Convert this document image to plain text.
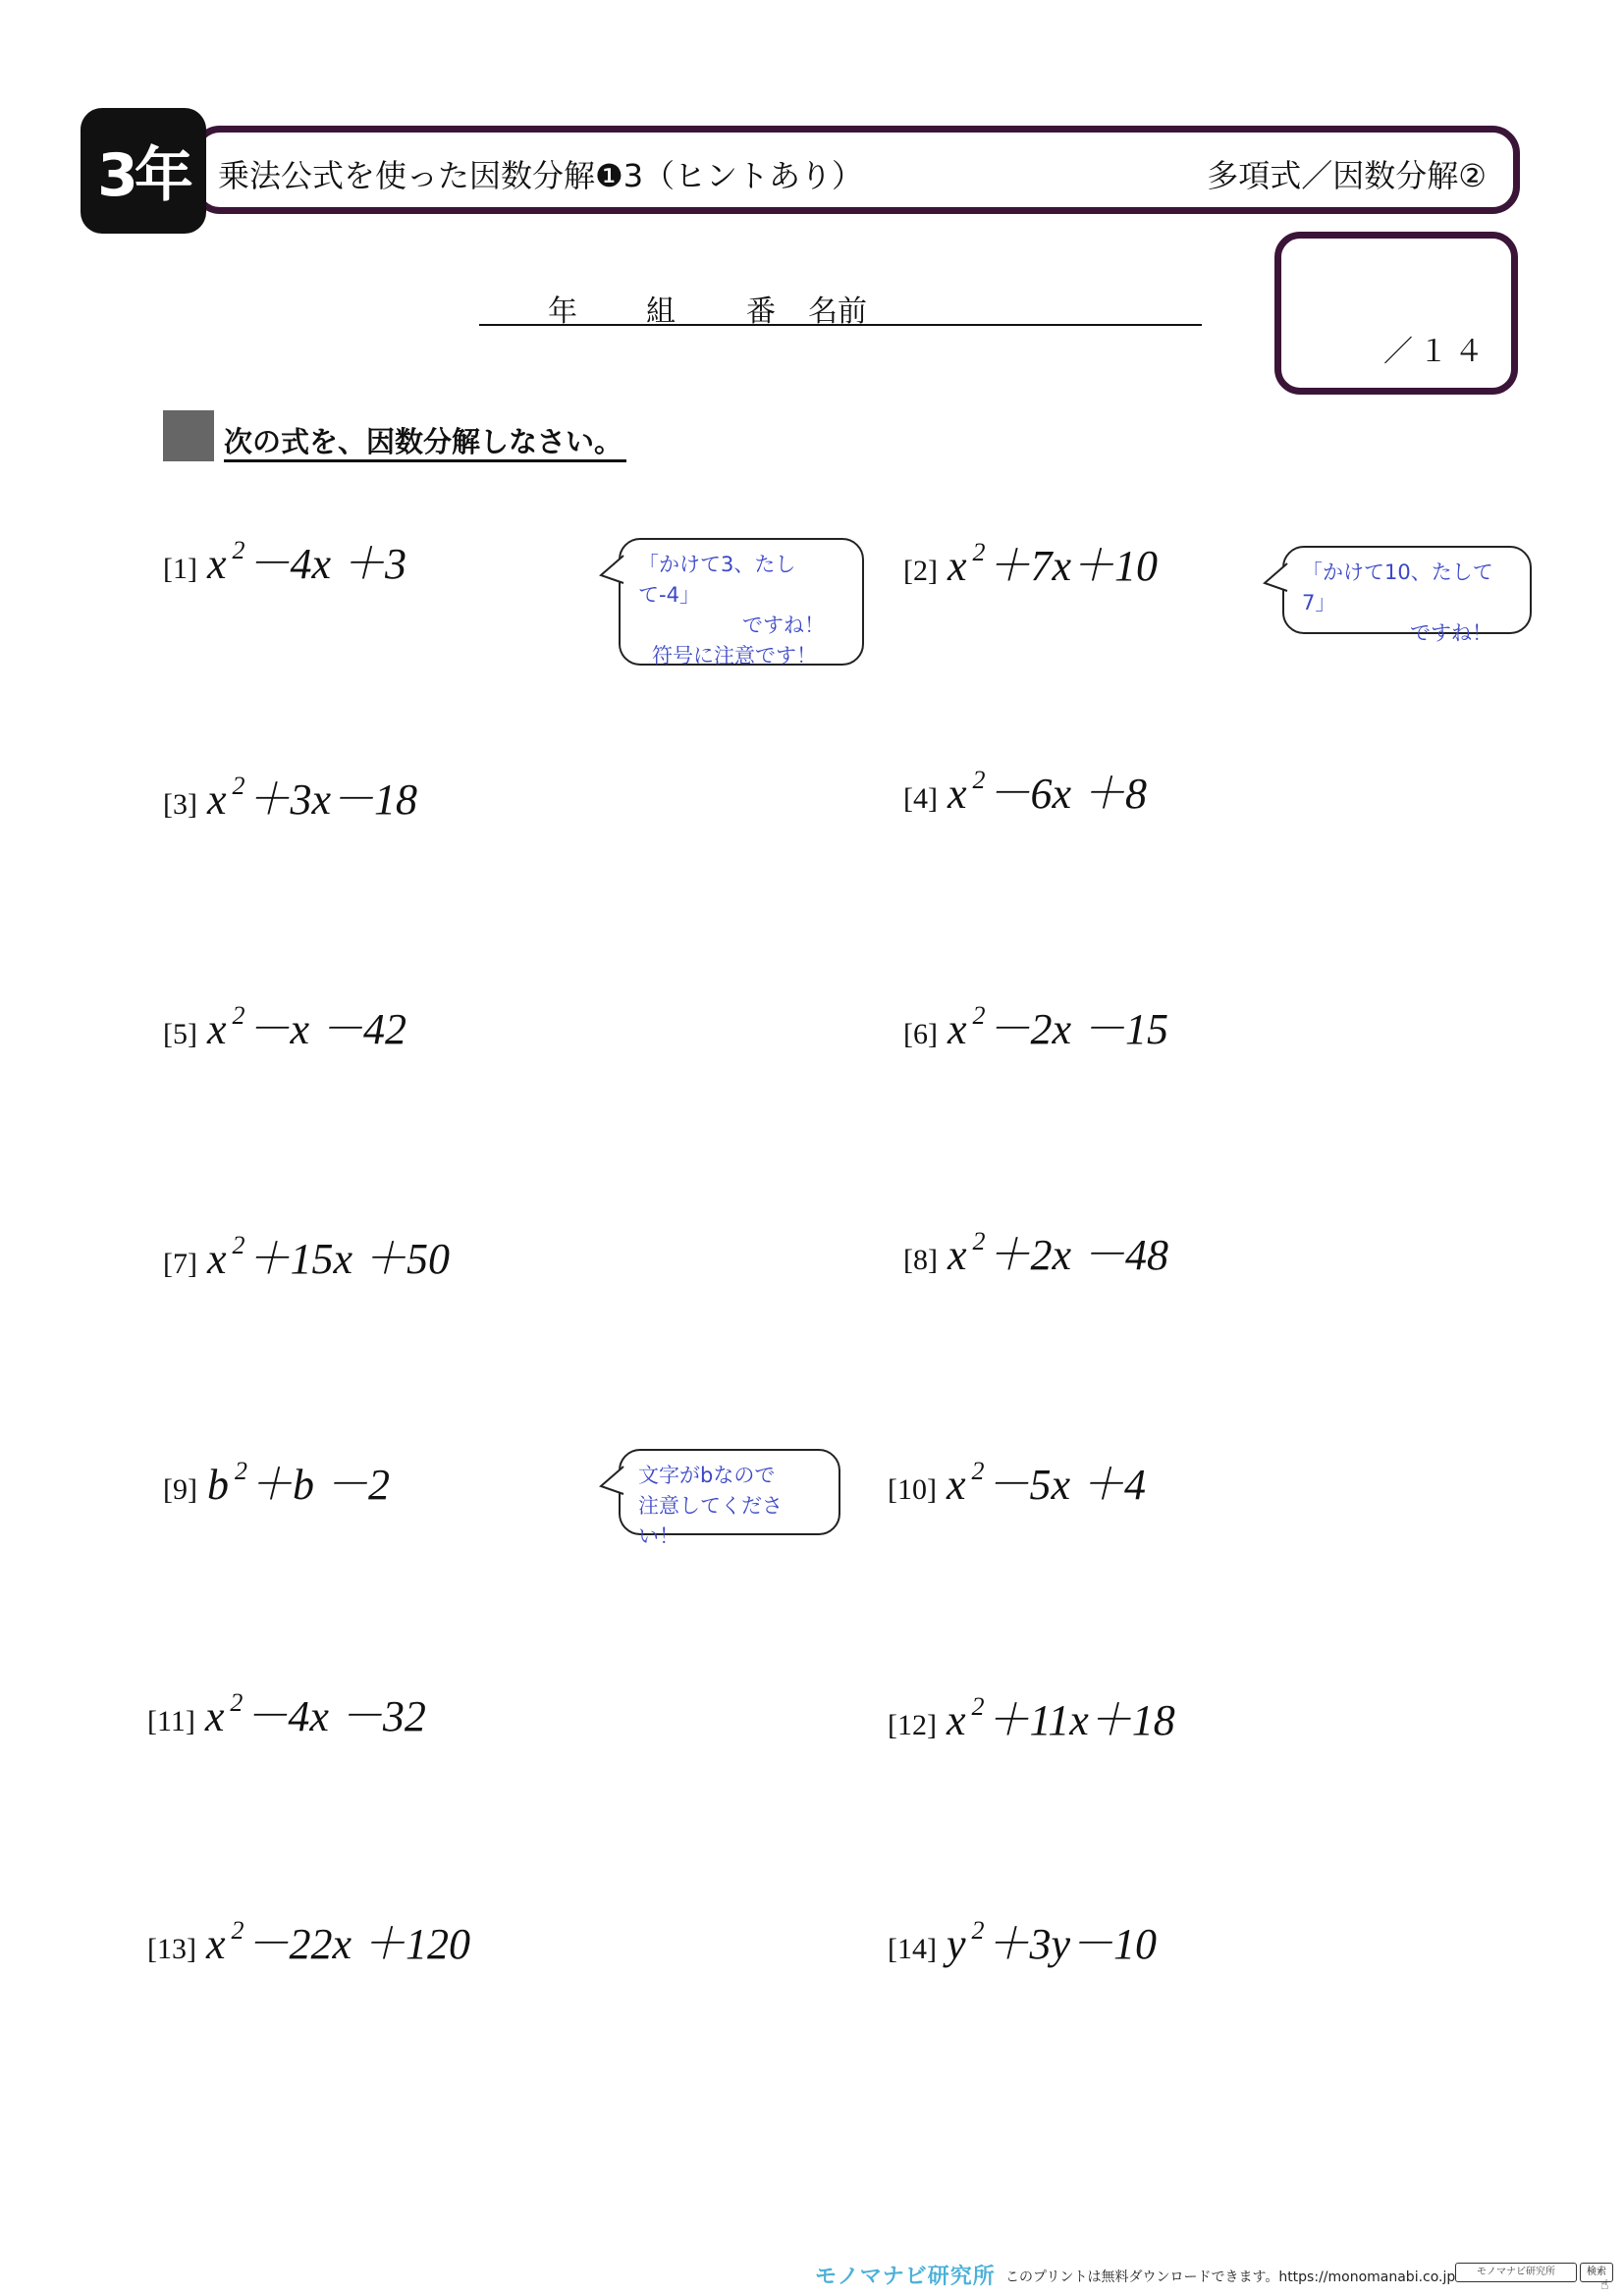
3年 乗法公式を使った因数分解❶3（ヒントあり）	多項式／因数分解②
年 組 番 名前
／１４
次の式を、因数分解しなさい。
[1] x $^2$－4x ＋3	[2] x $^2$＋7x＋10
[3] x $^2$＋3x－18	[4] x $^2$－6x ＋8
[5] x $^2$－x －42	[6] x $^2$－2x －15
[7] x $^2$＋15x ＋50	[8] x $^2$＋2x －48
[9] b $^2$＋b －2	[10] x $^2$－5x ＋4
[11] x $^2$－4x －32	[12] x $^2$＋11x＋18
[13] x $^2$－22x ＋120	[14] y $^2$＋3y－10
「かけて3、たして-4」

ですね！
符号に注意です！
「かけて10、たして7」

ですね！
文字がbなので
注意してください！
モノマナビ研究所 このプリントは無料ダウンロードできます。https://monomanabi.co.jp	モノマナビ研究所	検索
☝
